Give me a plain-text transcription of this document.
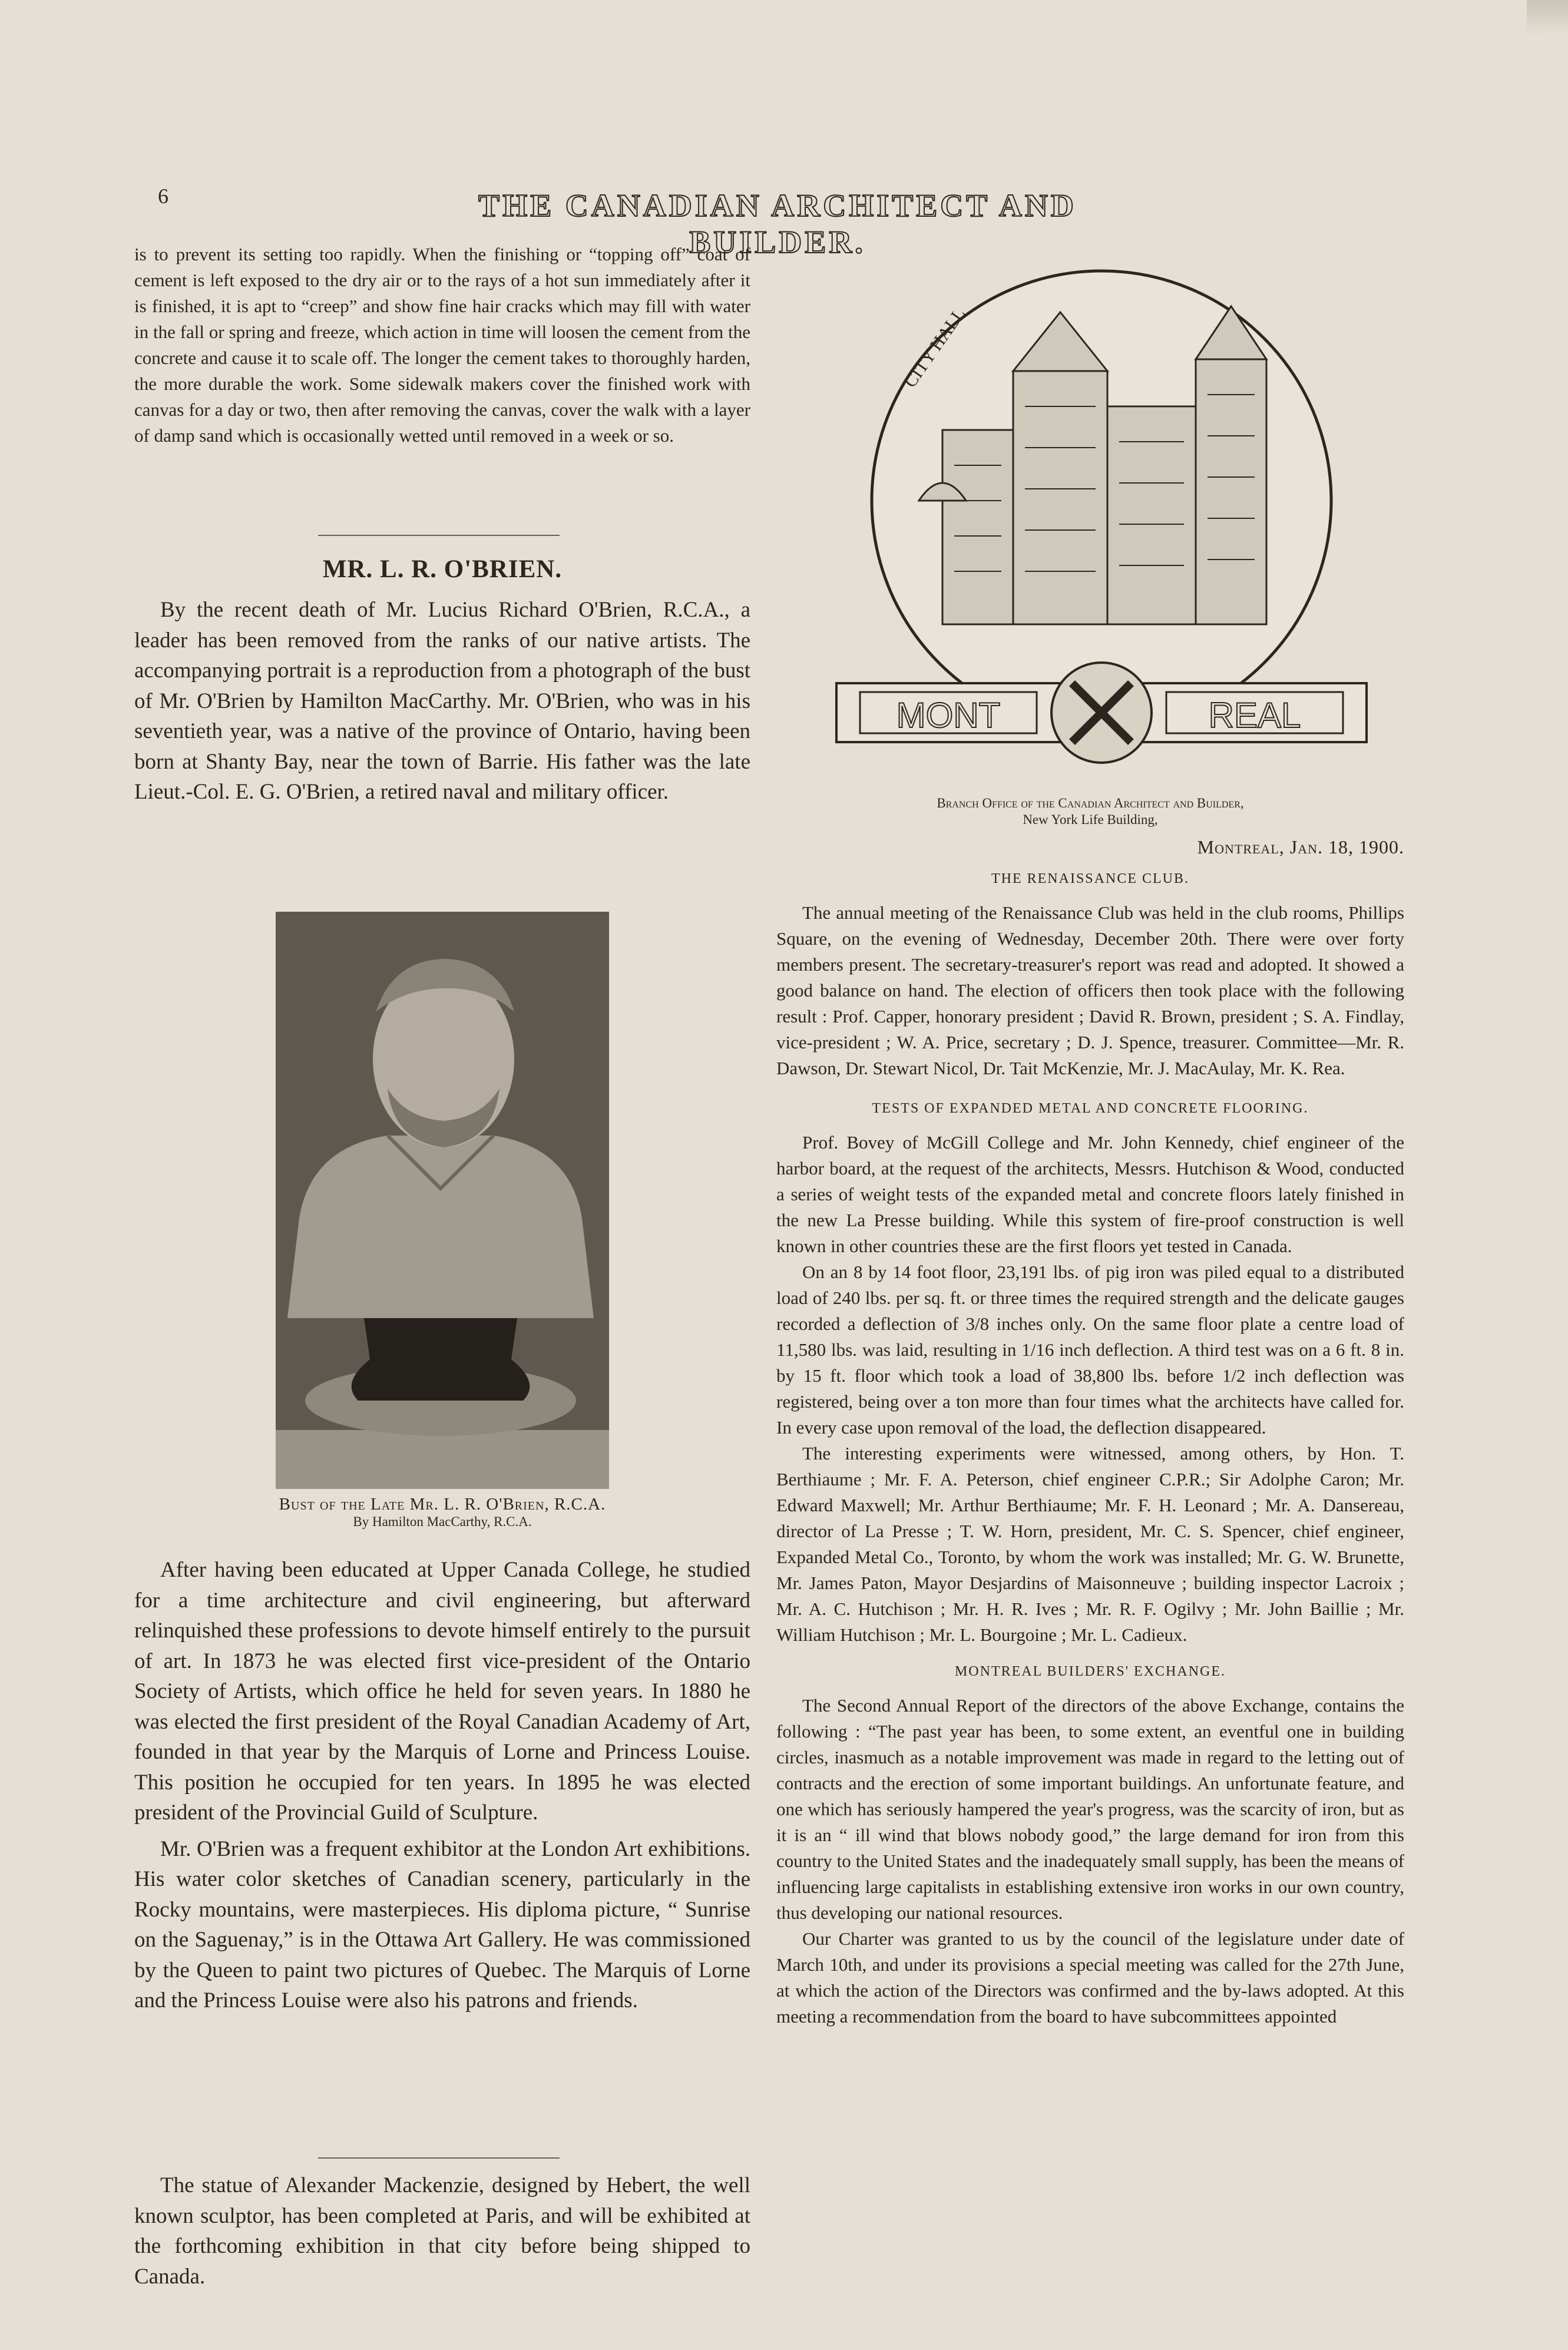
6	THE CANADIAN ARCHITECT AND BUILDER.

is to prevent its setting too rapidly. When the finishing or “topping off” coat of cement is left exposed to the dry air or to the rays of a hot sun immediately after it is finished, it is apt to “creep” and show fine hair cracks which may fill with water in the fall or spring and freeze, which action in time will loosen the cement from the concrete and cause it to scale off. The longer the cement takes to thoroughly harden, the more durable the work. Some sidewalk makers cover the finished work with canvas for a day or two, then after removing the canvas, cover the walk with a layer of damp sand which is occasionally wetted until removed in a week or so.

MR. L. R. O'BRIEN.

By the recent death of Mr. Lucius Richard O'Brien, R.C.A., a leader has been removed from the ranks of our native artists. The accompanying portrait is a reproduction from a photograph of the bust of Mr. O'Brien by Hamilton MacCarthy. Mr. O'Brien, who was in his seventieth year, was a native of the province of Ontario, having been born at Shanty Bay, near the town of Barrie. His father was the late Lieut.-Col. E. G. O'Brien, a retired naval and military officer.

Bust of the Late Mr. L. R. O'Brien, R.C.A.
By Hamilton MacCarthy, R.C.A.

After having been educated at Upper Canada College, he studied for a time architecture and civil engineering, but afterward relinquished these professions to devote himself entirely to the pursuit of art. In 1873 he was elected first vice-president of the Ontario Society of Artists, which office he held for seven years. In 1880 he was elected the first president of the Royal Canadian Academy of Art, founded in that year by the Marquis of Lorne and Princess Louise. This position he occupied for ten years. In 1895 he was elected president of the Provincial Guild of Sculpture.

Mr. O'Brien was a frequent exhibitor at the London Art exhibitions. His water color sketches of Canadian scenery, particularly in the Rocky mountains, were masterpieces. His diploma picture, “ Sunrise on the Saguenay,” is in the Ottawa Art Gallery. He was commissioned by the Queen to paint two pictures of Quebec. The Marquis of Lorne and the Princess Louise were also his patrons and friends.

The statue of Alexander Mackenzie, designed by Hebert, the well known sculptor, has been completed at Paris, and will be exhibited at the forthcoming exhibition in that city before being shipped to Canada.

CITY HALL
MONT	REAL
Branch Office of the Canadian Architect and Builder,
New York Life Building,
Montreal, Jan. 18, 1900.
THE RENAISSANCE CLUB.

The annual meeting of the Renaissance Club was held in the club rooms, Phillips Square, on the evening of Wednesday, December 20th. There were over forty members present. The secretary-treasurer's report was read and adopted. It showed a good balance on hand. The election of officers then took place with the following result : Prof. Capper, honorary president ; David R. Brown, president ; S. A. Findlay, vice-president ; W. A. Price, secretary ; D. J. Spence, treasurer. Committee—Mr. R. Dawson, Dr. Stewart Nicol, Dr. Tait McKenzie, Mr. J. MacAulay, Mr. K. Rea.

TESTS OF EXPANDED METAL AND CONCRETE FLOORING.

Prof. Bovey of McGill College and Mr. John Kennedy, chief engineer of the harbor board, at the request of the architects, Messrs. Hutchison & Wood, conducted a series of weight tests of the expanded metal and concrete floors lately finished in the new La Presse building. While this system of fire-proof construction is well known in other countries these are the first floors yet tested in Canada.

On an 8 by 14 foot floor, 23,191 lbs. of pig iron was piled equal to a distributed load of 240 lbs. per sq. ft. or three times the required strength and the delicate gauges recorded a deflection of 3/8 inches only. On the same floor plate a centre load of 11,580 lbs. was laid, resulting in 1/16 inch deflection. A third test was on a 6 ft. 8 in. by 15 ft. floor which took a load of 38,800 lbs. before 1/2 inch deflection was registered, being over a ton more than four times what the architects have called for. In every case upon removal of the load, the deflection disappeared.

The interesting experiments were witnessed, among others, by Hon. T. Berthiaume ; Mr. F. A. Peterson, chief engineer C.P.R.; Sir Adolphe Caron; Mr. Edward Maxwell; Mr. Arthur Berthiaume; Mr. F. H. Leonard ; Mr. A. Dansereau, director of La Presse ; T. W. Horn, president, Mr. C. S. Spencer, chief engineer, Expanded Metal Co., Toronto, by whom the work was installed; Mr. G. W. Brunette, Mr. James Paton, Mayor Desjardins of Maisonneuve ; building inspector Lacroix ; Mr. A. C. Hutchison ; Mr. H. R. Ives ; Mr. R. F. Ogilvy ; Mr. John Baillie ; Mr. William Hutchison ; Mr. L. Bourgoine ; Mr. L. Cadieux.

MONTREAL BUILDERS' EXCHANGE.

The Second Annual Report of the directors of the above Exchange, contains the following : “The past year has been, to some extent, an eventful one in building circles, inasmuch as a notable improvement was made in regard to the letting out of contracts and the erection of some important buildings. An unfortunate feature, and one which has seriously hampered the year's progress, was the scarcity of iron, but as it is an “ ill wind that blows nobody good,” the large demand for iron from this country to the United States and the inadequately small supply, has been the means of influencing large capitalists in establishing extensive iron works in our own country, thus developing our national resources.

Our Charter was granted to us by the council of the legislature under date of March 10th, and under its provisions a special meeting was called for the 27th June, at which the action of the Directors was confirmed and the by-laws adopted. At this meeting a recommendation from the board to have subcommittees appointed
